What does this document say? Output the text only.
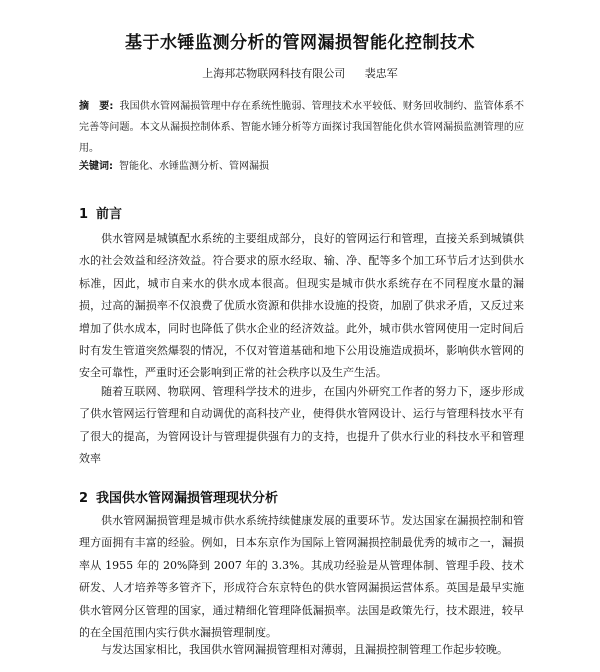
基于水锤监测分析的管网漏损智能化控制技术
上海邦芯物联网科技有限公司 裴忠军
摘　要: 我国供水管网漏损管理中存在系统性脆弱、管理技术水平较低、财务回收制约、监管体系不完善等问题。本文从漏损控制体系、智能水锤分析等方面探讨我国智能化供水管网漏损监测管理的应用。
关键词: 智能化、水锤监测分析、管网漏损
1 前言

供水管网是城镇配水系统的主要组成部分，良好的管网运行和管理，直接关系到城镇供水的社会效益和经济效益。符合要求的原水经取、输、净、配等多个加工环节后才达到供水标准，因此，城市自来水的供水成本很高。但现实是城市供水系统存在不同程度水量的漏损，过高的漏损率不仅浪费了优质水资源和供排水设施的投资，加剧了供求矛盾，又反过来增加了供水成本，同时也降低了供水企业的经济效益。此外，城市供水管网使用一定时间后时有发生管道突然爆裂的情况，不仅对管道基础和地下公用设施造成损坏，影响供水管网的安全可靠性，严重时还会影响到正常的社会秩序以及生产生活。

随着互联网、物联网、管理科学技术的进步，在国内外研究工作者的努力下，逐步形成了供水管网运行管理和自动调优的高科技产业，使得供水管网设计、运行与管理科技水平有了很大的提高，为管网设计与管理提供强有力的支持，也提升了供水行业的科技水平和管理效率

2 我国供水管网漏损管理现状分析

供水管网漏损管理是城市供水系统持续健康发展的重要环节。发达国家在漏损控制和管理方面拥有丰富的经验。例如，日本东京作为国际上管网漏损控制最优秀的城市之一，漏损率从 1955 年的 20%降到 2007 年的 3.3%。其成功经验是从管理体制、管理手段、技术研发、人才培养等多管齐下，形成符合东京特色的供水管网漏损运营体系。英国是最早实施供水管网分区管理的国家，通过精细化管理降低漏损率。法国是政策先行，技术跟进，较早的在全国范围内实行供水漏损管理制度。

与发达国家相比，我国供水管网漏损管理相对薄弱，且漏损控制管理工作起步较晚。
